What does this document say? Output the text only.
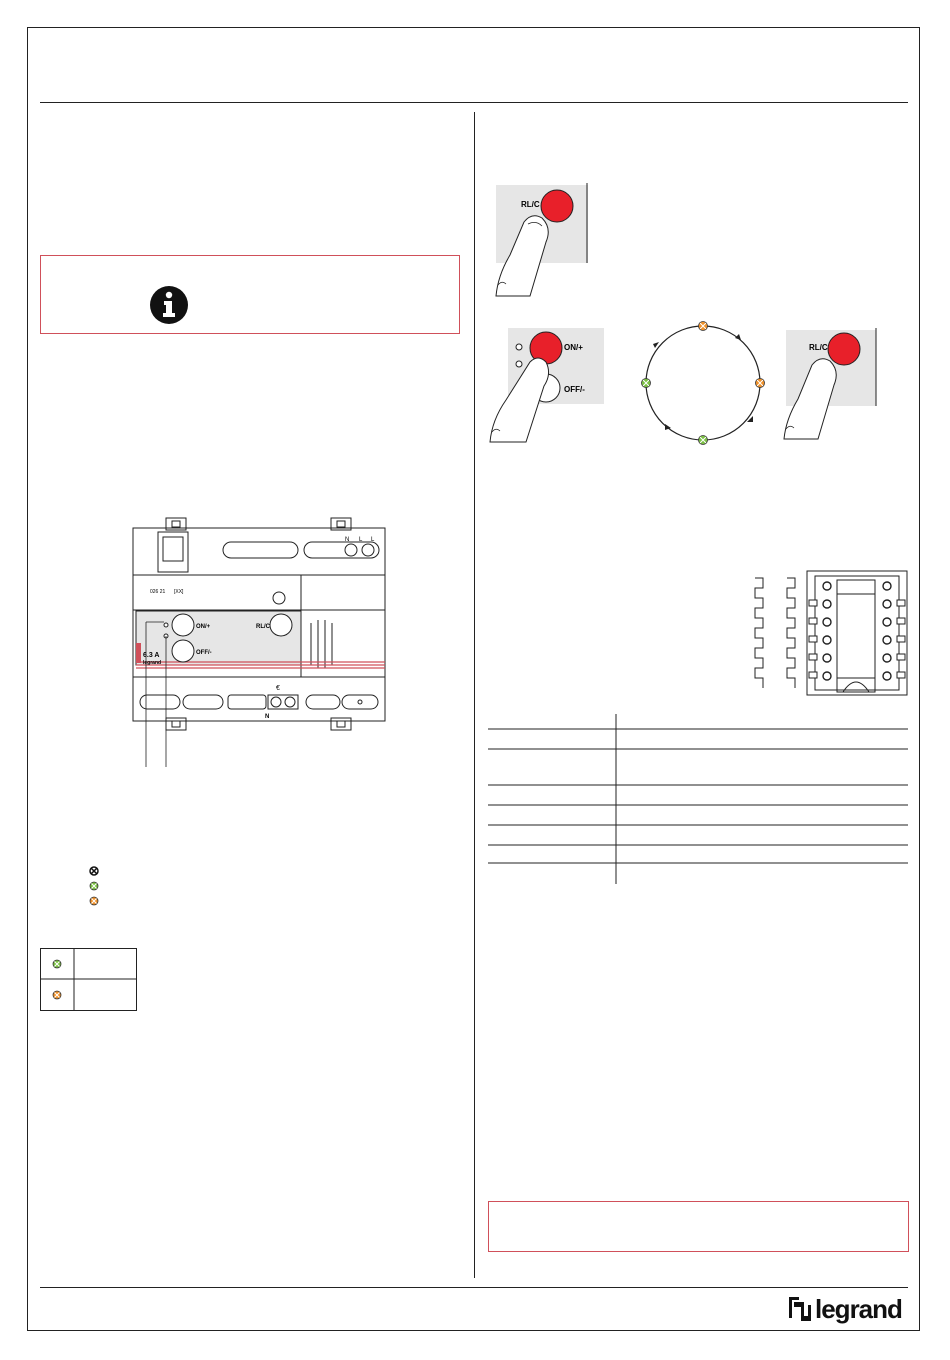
ON/+
OFF/-
RL/C
026 21 [XX]
6.3 A
legrand
N L L
N
€
RL/C
ON/+
OFF/-
RL/C
legrand
